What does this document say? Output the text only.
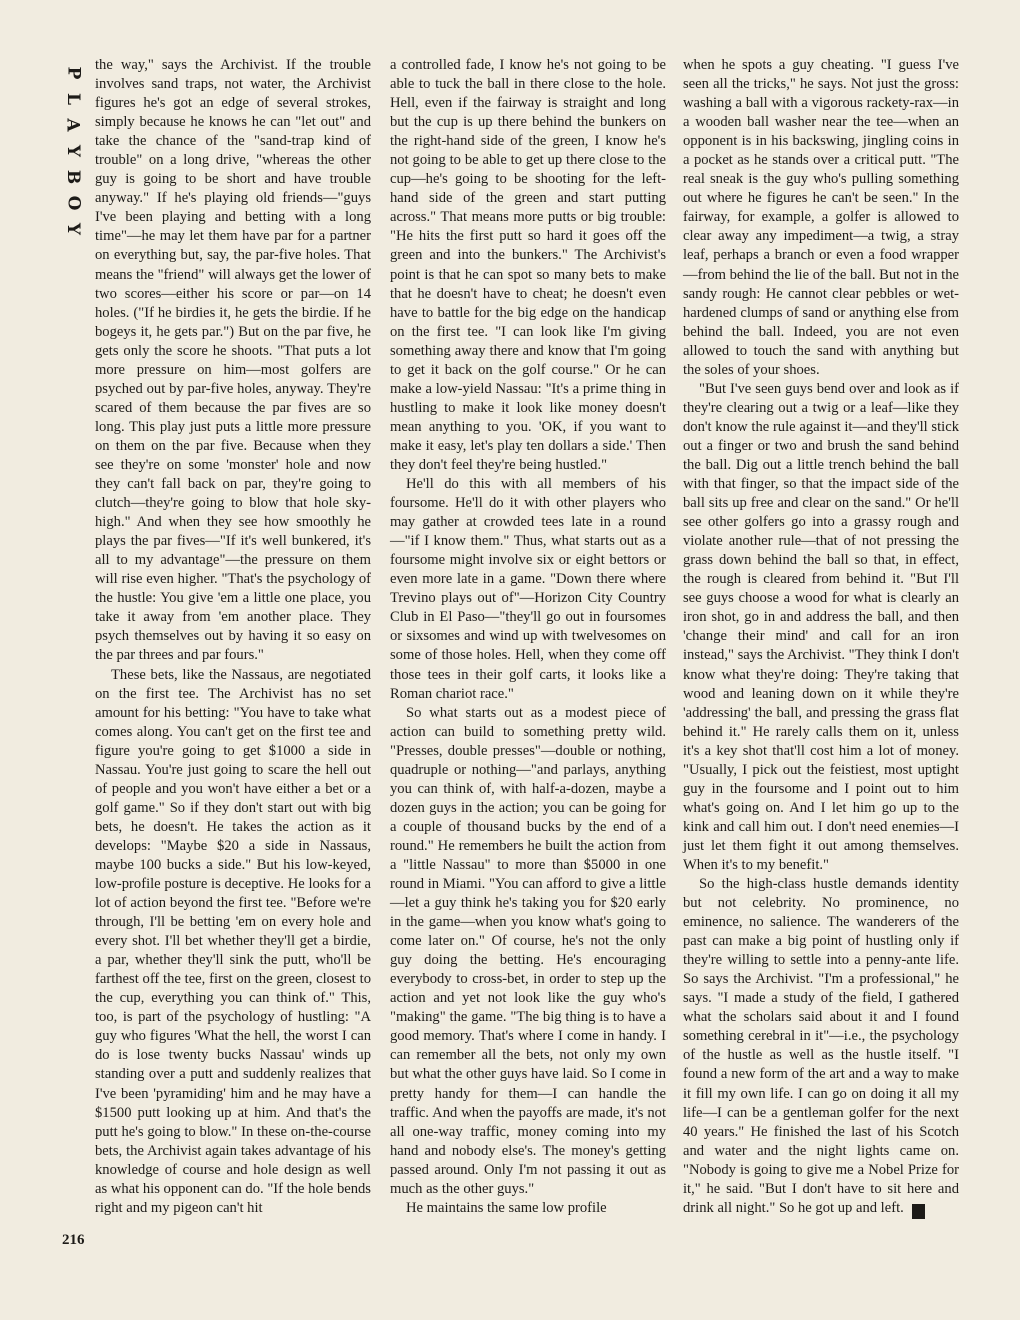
P
L
A
Y
B
O
Y
216

the way," says the Archivist. If the trouble involves sand traps, not water, the Archivist figures he's got an edge of several strokes, simply because he knows he can "let out" and take the chance of the "sand-trap kind of trouble" on a long drive, "whereas the other guy is going to be short and have trouble anyway." If he's playing old friends—"guys I've been playing and betting with a long time"—he may let them have par for a partner on everything but, say, the par-five holes. That means the "friend" will always get the lower of two scores—either his score or par—on 14 holes. ("If he birdies it, he gets the birdie. If he bogeys it, he gets par.") But on the par five, he gets only the score he shoots. "That puts a lot more pressure on him—most golfers are psyched out by par-five holes, anyway. They're scared of them because the par fives are so long. This play just puts a little more pressure on them on the par five. Because when they see they're on some 'monster' hole and now they can't fall back on par, they're going to clutch—they're going to blow that hole sky-high." And when they see how smoothly he plays the par fives—"If it's well bunkered, it's all to my advantage"—the pressure on them will rise even higher. "That's the psychology of the hustle: You give 'em a little one place, you take it away from 'em another place. They psych themselves out by having it so easy on the par threes and par fours."

These bets, like the Nassaus, are negotiated on the first tee. The Archivist has no set amount for his betting: "You have to take what comes along. You can't get on the first tee and figure you're going to get $1000 a side in Nassau. You're just going to scare the hell out of people and you won't have either a bet or a golf game." So if they don't start out with big bets, he doesn't. He takes the action as it develops: "Maybe $20 a side in Nassaus, maybe 100 bucks a side." But his low-keyed, low-profile posture is deceptive. He looks for a lot of action beyond the first tee. "Before we're through, I'll be betting 'em on every hole and every shot. I'll bet whether they'll get a birdie, a par, whether they'll sink the putt, who'll be farthest off the tee, first on the green, closest to the cup, everything you can think of." This, too, is part of the psychology of hustling: "A guy who figures 'What the hell, the worst I can do is lose twenty bucks Nassau' winds up standing over a putt and suddenly realizes that I've been 'pyramiding' him and he may have a $1500 putt looking up at him. And that's the putt he's going to blow." In these on-the-course bets, the Archivist again takes advantage of his knowledge of course and hole design as well as what his opponent can do. "If the hole bends right and my pigeon can't hit

a controlled fade, I know he's not going to be able to tuck the ball in there close to the hole. Hell, even if the fairway is straight and long but the cup is up there behind the bunkers on the right-hand side of the green, I know he's not going to be able to get up there close to the cup—he's going to be shooting for the left-hand side of the green and start putting across." That means more putts or big trouble: "He hits the first putt so hard it goes off the green and into the bunkers." The Archivist's point is that he can spot so many bets to make that he doesn't have to cheat; he doesn't even have to battle for the big edge on the handicap on the first tee. "I can look like I'm giving something away there and know that I'm going to get it back on the golf course." Or he can make a low-yield Nassau: "It's a prime thing in hustling to make it look like money doesn't mean anything to you. 'OK, if you want to make it easy, let's play ten dollars a side.' Then they don't feel they're being hustled."

He'll do this with all members of his foursome. He'll do it with other players who may gather at crowded tees late in a round—"if I know them." Thus, what starts out as a foursome might involve six or eight bettors or even more late in a game. "Down there where Trevino plays out of"—Horizon City Country Club in El Paso—"they'll go out in foursomes or sixsomes and wind up with twelvesomes on some of those holes. Hell, when they come off those tees in their golf carts, it looks like a Roman chariot race."

So what starts out as a modest piece of action can build to something pretty wild. "Presses, double presses"—double or nothing, quadruple or nothing—"and parlays, anything you can think of, with half-a-dozen, maybe a dozen guys in the action; you can be going for a couple of thousand bucks by the end of a round." He remembers he built the action from a "little Nassau" to more than $5000 in one round in Miami. "You can afford to give a little—let a guy think he's taking you for $20 early in the game—when you know what's going to come later on." Of course, he's not the only guy doing the betting. He's encouraging everybody to cross-bet, in order to step up the action and yet not look like the guy who's "making" the game. "The big thing is to have a good memory. That's where I come in handy. I can remember all the bets, not only my own but what the other guys have laid. So I come in pretty handy for them—I can handle the traffic. And when the payoffs are made, it's not all one-way traffic, money coming into my hand and nobody else's. The money's getting passed around. Only I'm not passing it out as much as the other guys."

He maintains the same low profile

when he spots a guy cheating. "I guess I've seen all the tricks," he says. Not just the gross: washing a ball with a vigorous rackety-rax—in a wooden ball washer near the tee—when an opponent is in his backswing, jingling coins in a pocket as he stands over a critical putt. "The real sneak is the guy who's pulling something out where he figures he can't be seen." In the fairway, for example, a golfer is allowed to clear away any impediment—a twig, a stray leaf, perhaps a branch or even a food wrapper—from behind the lie of the ball. But not in the sandy rough: He cannot clear pebbles or wet-hardened clumps of sand or anything else from behind the ball. Indeed, you are not even allowed to touch the sand with anything but the soles of your shoes.

"But I've seen guys bend over and look as if they're clearing out a twig or a leaf—like they don't know the rule against it—and they'll stick out a finger or two and brush the sand behind the ball. Dig out a little trench behind the ball with that finger, so that the impact side of the ball sits up free and clear on the sand." Or he'll see other golfers go into a grassy rough and violate another rule—that of not pressing the grass down behind the ball so that, in effect, the rough is cleared from behind it. "But I'll see guys choose a wood for what is clearly an iron shot, go in and address the ball, and then 'change their mind' and call for an iron instead," says the Archivist. "They think I don't know what they're doing: They're taking that wood and leaning down on it while they're 'addressing' the ball, and pressing the grass flat behind it." He rarely calls them on it, unless it's a key shot that'll cost him a lot of money. "Usually, I pick out the feistiest, most uptight guy in the foursome and I point out to him what's going on. And I let him go up to the kink and call him out. I don't need enemies—I just let them fight it out among themselves. When it's to my benefit."

So the high-class hustle demands identity but not celebrity. No prominence, no eminence, no salience. The wanderers of the past can make a big point of hustling only if they're willing to settle into a penny-ante life. So says the Archivist. "I'm a professional," he says. "I made a study of the field, I gathered what the scholars said about it and I found something cerebral in it"—i.e., the psychology of the hustle as well as the hustle itself. "I found a new form of the art and a way to make it fill my own life. I can go on doing it all my life—I can be a gentleman golfer for the next 40 years." He finished the last of his Scotch and water and the night lights came on. "Nobody is going to give me a Nobel Prize for it," he said. "But I don't have to sit here and drink all night." So he got up and left. Y
